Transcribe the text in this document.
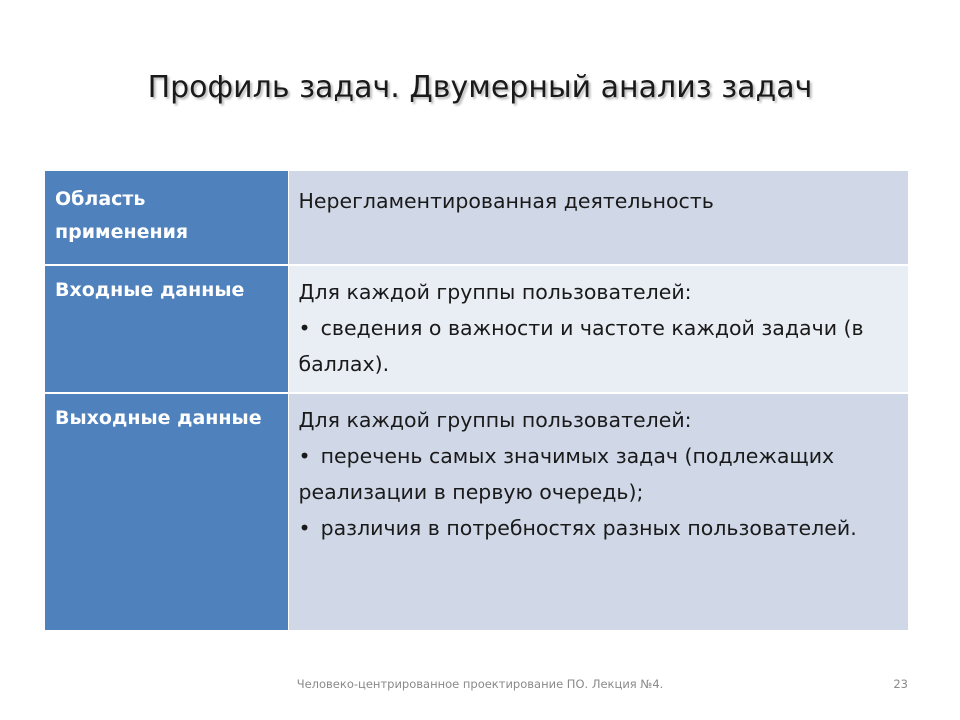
Профиль задач. Двумерный анализ задач
Область применения	Нерегламентированная деятельность

Входные данные	Для каждой группы пользователей:
• сведения о важности и частоте каждой задачи (в баллах).

Выходные данные	Для каждой группы пользователей:
• перечень самых значимых задач (подлежащих реализации в первую очередь);
• различия в потребностях разных пользователей.
Человеко-центрированное проектирование ПО. Лекция №4.	23
